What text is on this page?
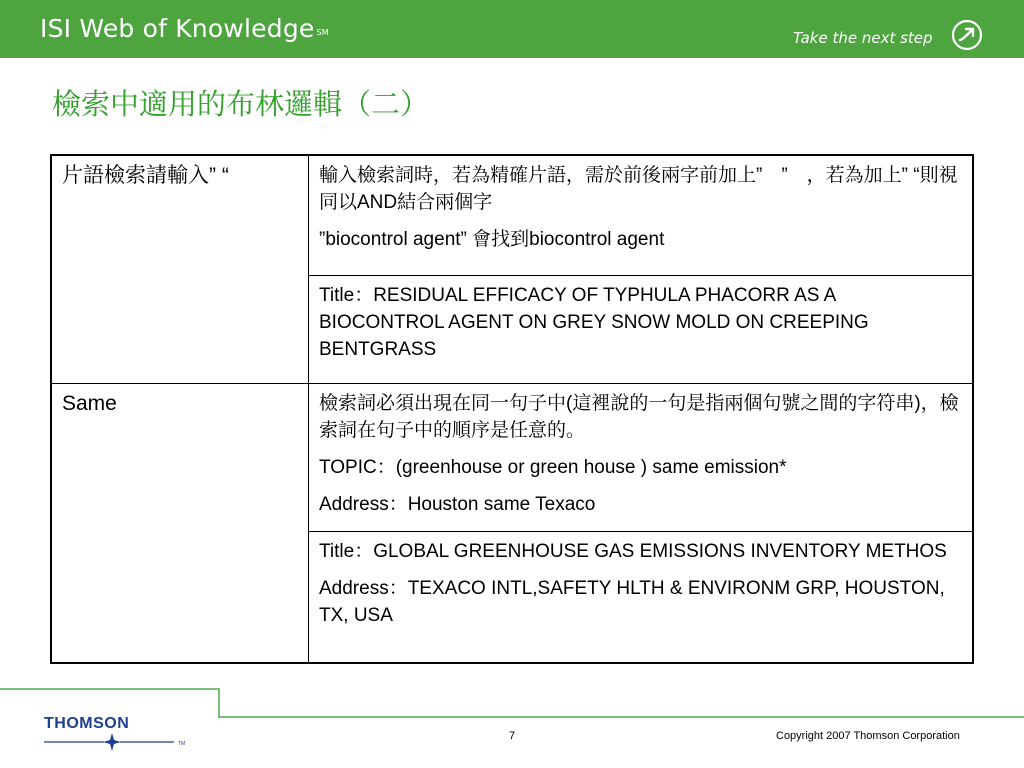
ISI Web of Knowledge ℠	Take the next step
檢索中適用的布林邏輯（二）
片語檢索請輸入” “	輸入檢索詞時，若為精確片語，需於前後兩字前加上”　”　，若為加上” “則視同以AND結合兩個字

”biocontrol agent” 會找到biocontrol agent

	Title：RESIDUAL EFFICACY OF TYPHULA PHACORR AS A BIOCONTROL AGENT ON GREY SNOW MOLD ON CREEPING BENTGRASS

Same	檢索詞必須出現在同一句子中(這裡說的一句是指兩個句號之間的字符串)，檢索詞在句子中的順序是任意的。

TOPIC：(greenhouse or green house ) same emission*

Address：Houston same Texaco

	Title：GLOBAL GREENHOUSE GAS EMISSIONS INVENTORY METHOS

Address：TEXACO INTL,SAFETY HLTH & ENVIRONM GRP, HOUSTON, TX, USA

THOMSON
TM
7	Copyright 2007 Thomson Corporation
